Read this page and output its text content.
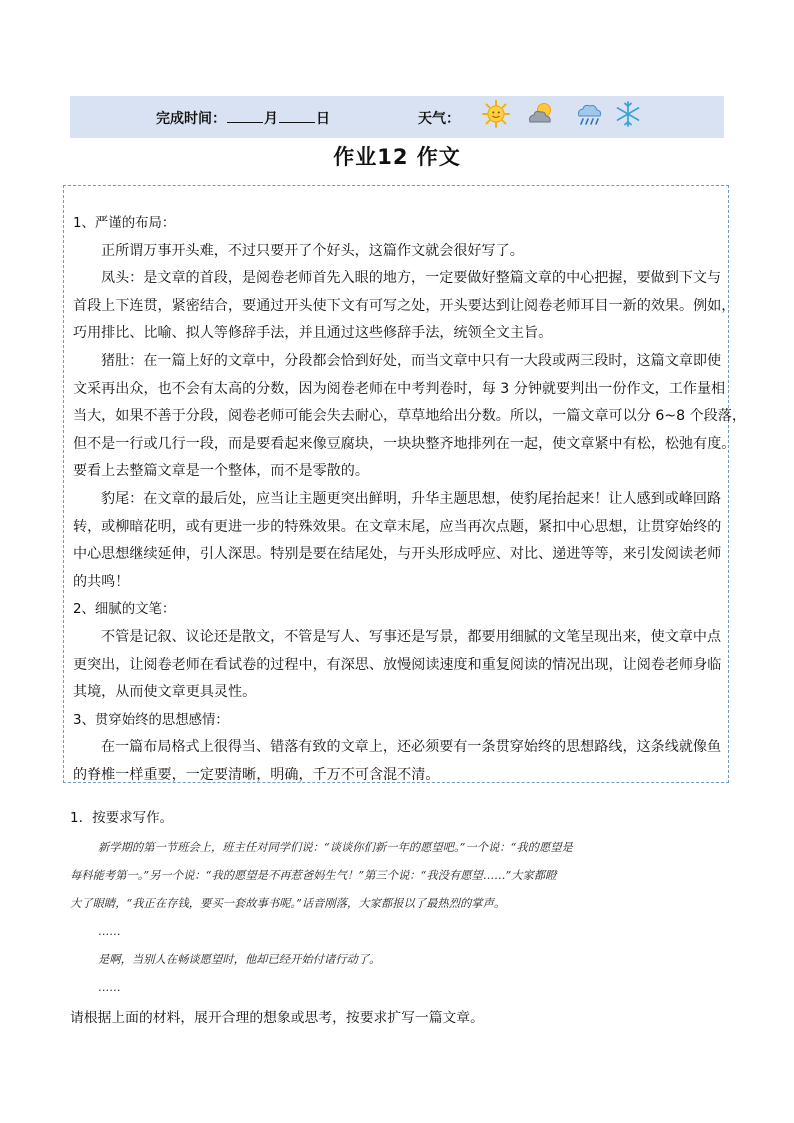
完成时间：	月	日	天气：
作业12 作文

1、严谨的布局：

正所谓万事开头难，不过只要开了个好头，这篇作文就会很好写了。

凤头：是文章的首段，是阅卷老师首先入眼的地方，一定要做好整篇文章的中心把握，要做到下文与

首段上下连贯，紧密结合，要通过开头使下文有可写之处，开头要达到让阅卷老师耳目一新的效果。例如，

巧用排比、比喻、拟人等修辞手法，并且通过这些修辞手法，统领全文主旨。

猪肚：在一篇上好的文章中，分段都会恰到好处，而当文章中只有一大段或两三段时，这篇文章即使

文采再出众，也不会有太高的分数，因为阅卷老师在中考判卷时，每 3 分钟就要判出一份作文，工作量相

当大，如果不善于分段，阅卷老师可能会失去耐心，草草地给出分数。所以，一篇文章可以分 6~8 个段落，

但不是一行或几行一段，而是要看起来像豆腐块，一块块整齐地排列在一起，使文章紧中有松，松弛有度。

要看上去整篇文章是一个整体，而不是零散的。

豹尾：在文章的最后处，应当让主题更突出鲜明，升华主题思想，使豹尾抬起来！让人感到或峰回路

转，或柳暗花明，或有更进一步的特殊效果。在文章末尾，应当再次点题，紧扣中心思想，让贯穿始终的

中心思想继续延伸，引人深思。特别是要在结尾处，与开头形成呼应、对比、递进等等，来引发阅读老师

的共鸣！

2、细腻的文笔：

不管是记叙、议论还是散文，不管是写人、写事还是写景，都要用细腻的文笔呈现出来，使文章中点

更突出，让阅卷老师在看试卷的过程中，有深思、放慢阅读速度和重复阅读的情况出现，让阅卷老师身临

其境，从而使文章更具灵性。

3、贯穿始终的思想感情：

在一篇布局格式上很得当、错落有致的文章上，还必须要有一条贯穿始终的思想路线，这条线就像鱼

的脊椎一样重要，一定要清晰，明确，千万不可含混不清。

1．按要求写作。

新学期的第一节班会上，班主任对同学们说：“谈谈你们新一年的愿望吧。”一个说：“我的愿望是

每科能考第一。”另一个说：“我的愿望是不再惹爸妈生气！”第三个说：“我没有愿望……”大家都瞪

大了眼睛，“我正在存钱，要买一套故事书呢。”话音刚落，大家都报以了最热烈的掌声。

……

是啊，当别人在畅谈愿望时，他却已经开始付诸行动了。

……

请根据上面的材料，展开合理的想象或思考，按要求扩写一篇文章。
